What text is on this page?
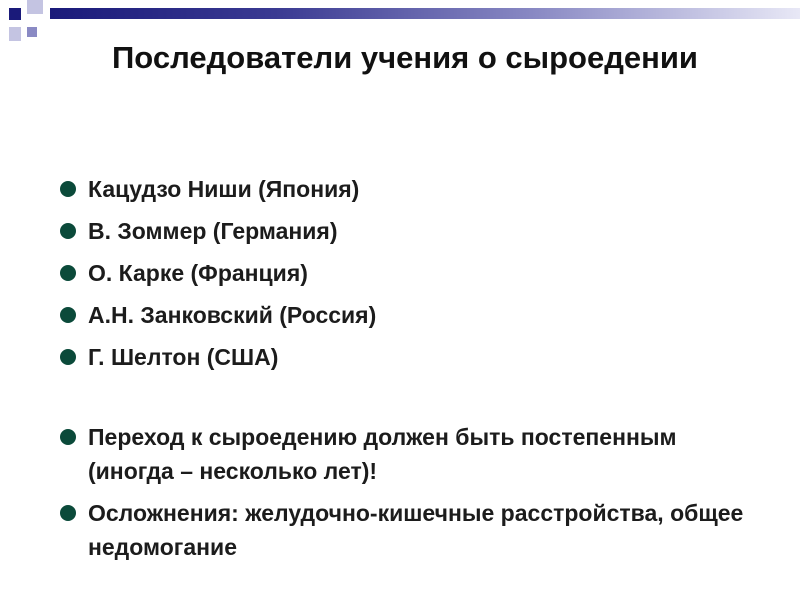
Последователи учения о сыроедении
Кацудзо Ниши (Япония)
В. Зоммер (Германия)
О. Карке (Франция)
А.Н. Занковский (Россия)
Г. Шелтон (США)
Переход к сыроедению должен быть постепенным (иногда – несколько лет)!
Осложнения: желудочно-кишечные расстройства, общее недомогание
